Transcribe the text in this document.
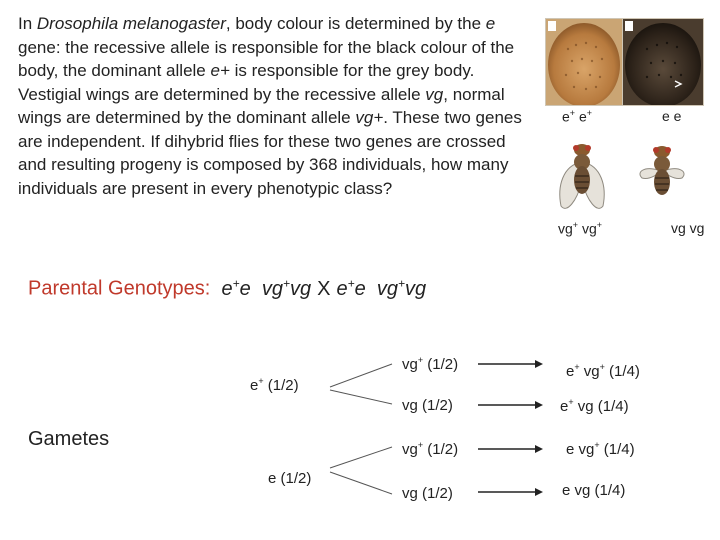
In Drosophila melanogaster, body colour is determined by the e gene: the recessive allele is responsible for the black colour of the body, the dominant allele e+ is responsible for the grey body. Vestigial wings are determined by the recessive allele vg, normal wings are determined by the dominant allele vg+. These two genes are independent. If dihybrid flies for these two genes are crossed and resulting progeny is composed by 368 individuals, how many individuals are present in every phenotypic class?
e+ e+	e e
vg+ vg+	vg vg
Parental Genotypes:  e+e  vg+vg X e+e  vg+vg
Gametes
e+ (1/2)
e (1/2)
vg+ (1/2)
vg (1/2)
vg+ (1/2)
vg (1/2)
e+ vg+ (1/4)
e+ vg (1/4)
e vg+ (1/4)
e vg (1/4)
